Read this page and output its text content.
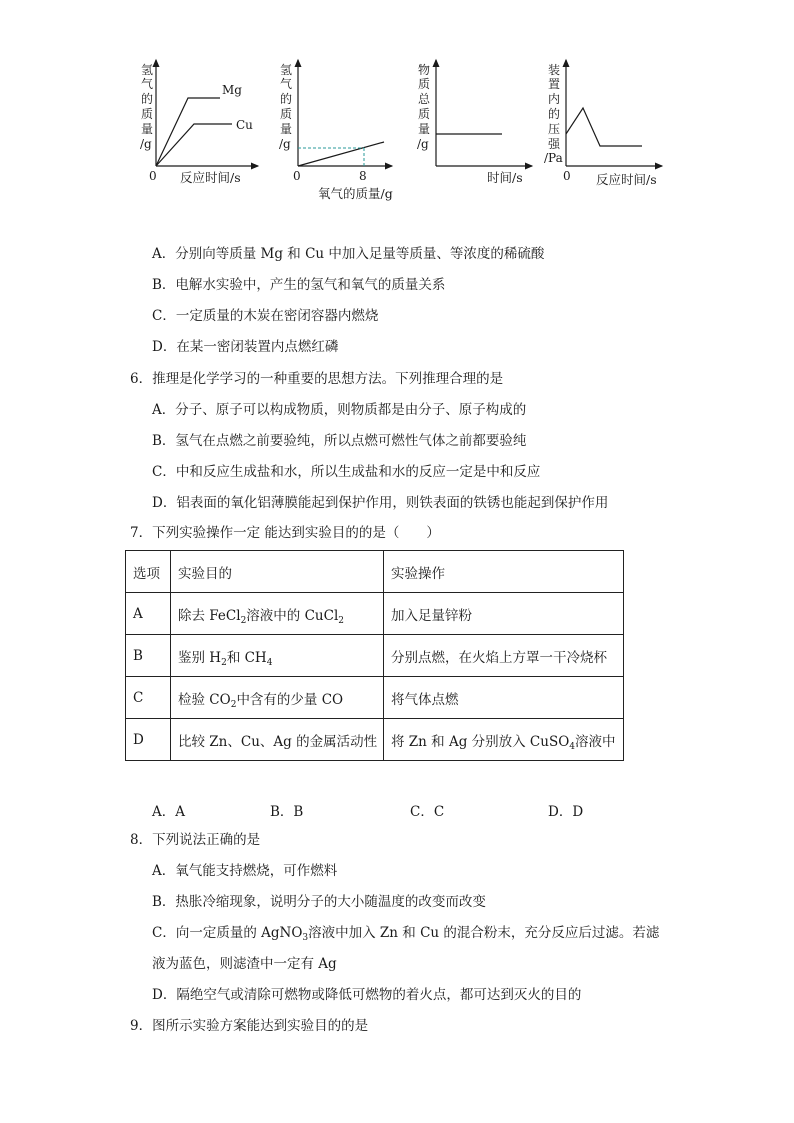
氢
气
的
质
量
/g
Mg
Cu
0 反应时间/s
氢
气
的
质
量
/g
0	8
氧气的质量/g
物
质
总
质
量
/g
时间/s
装
置
内
的
压
强
/Pa
0 反应时间/s
A．分别向等质量 Mg 和 Cu 中加入足量等质量、等浓度的稀硫酸
B．电解水实验中，产生的氢气和氧气的质量关系
C．一定质量的木炭在密闭容器内燃烧
D．在某一密闭装置内点燃红磷
6．推理是化学学习的一种重要的思想方法。下列推理合理的是
A．分子、原子可以构成物质，则物质都是由分子、原子构成的
B．氢气在点燃之前要验纯，所以点燃可燃性气体之前都要验纯
C．中和反应生成盐和水，所以生成盐和水的反应一定是中和反应
D．铝表面的氧化铝薄膜能起到保护作用，则铁表面的铁锈也能起到保护作用
7．下列实验操作一定 能达到实验目的的是（　　）
选项	实验目的	实验操作
A	除去 FeCl$_2$溶液中的 CuCl$_2$	加入足量锌粉
B	鉴别 $H_2$和 $CH_4$	分别点燃，在火焰上方罩一干冷烧杯
C	检验 $CO_2$中含有的少量 CO	将气体点燃
D	比较 Zn、Cu、Ag 的金属活动性	将 Zn 和 Ag 分别放入 CuSO$_4$溶液中
A．A	B．B	C．C	D．D
8．下列说法正确的是
A．氧气能支持燃烧，可作燃料
B．热胀冷缩现象，说明分子的大小随温度的改变而改变
C．向一定质量的 AgNO$_3$溶液中加入 Zn 和 Cu 的混合粉末，充分反应后过滤。若滤
液为蓝色，则滤渣中一定有 Ag
D．隔绝空气或清除可燃物或降低可燃物的着火点，都可达到灭火的目的
9．图所示实验方案能达到实验目的的是
